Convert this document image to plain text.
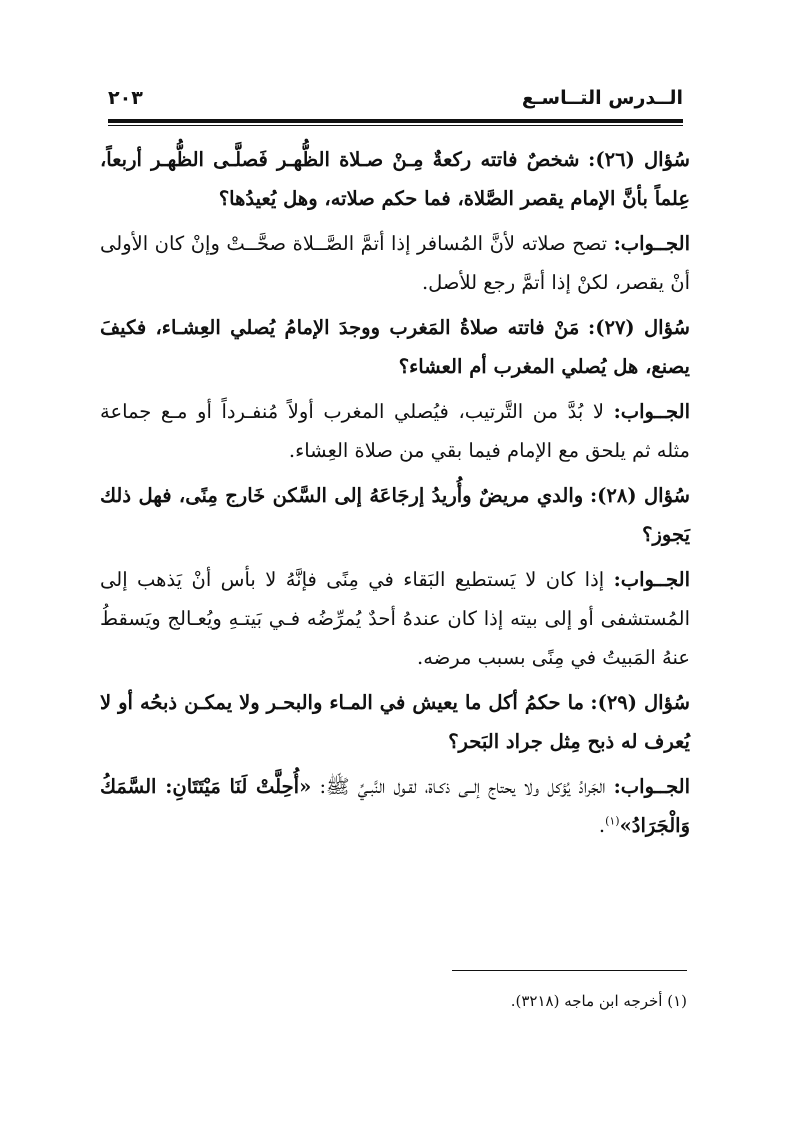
الــدرس التــاسـع
٢٠٣

سُؤال (٢٦): شخصٌ فاتته ركعةٌ مِـنْ صـلاة الظُّهـر فَصلَّـى الظُّهـر أربعاً، عِلماً بأنَّ الإمام يقصر الصَّلاة، فما حكم صلاته، وهل يُعيدُها؟

الجــواب: تصح صلاته لأنَّ المُسافر إذا أتمَّ الصَّــلاة صحَّــتْ وإنْ كان الأولى أنْ يقصر، لكنْ إذا أتمَّ رجع للأصل.

سُؤال (٢٧): مَنْ فاتته صلاةُ المَغرب ووجدَ الإمامُ يُصلي العِشـاء، فكيفَ يصنع، هل يُصلي المغرب أم العشاء؟

الجــواب: لا بُدَّ من التَّرتيب، فيُصلي المغرب أولاً مُنفـرداً أو مـع جماعة مثله ثم يلحق مع الإمام فيما بقي من صلاة العِشاء.

سُؤال (٢٨): والدي مريضٌ وأُريدُ إرجَاعَهُ إلى السَّكن خَارج مِنًى، فهل ذلك يَجوز؟

الجــواب: إذا كان لا يَستطيع البَقاء في مِنًى فإنَّهُ لا بأس أنْ يَذهب إلى المُستشفى أو إلى بيته إذا كان عندهُ أحدٌ يُمرِّضُه فـي بَيتـهِ ويُعـالج ويَسقطُ عنهُ المَبيتُ في مِنًى بسبب مرضه.

سُؤال (٢٩): ما حكمُ أكل ما يعيش في المـاء والبحـر ولا يمكـن ذبحُه أو لا يُعرف له ذبح مِثل جراد البَحر؟

الجــواب: الجَرادُ يُؤكل ولا يحتاج إلــى ذكـاة، لقـول النَّبـيِّ ﷺ: «أُحِلَّتْ لَنَا مَيْتَتَانِ: السَّمَكُ وَالْجَرَادُ»$^{(١)}$.

(١) أخرجه ابن ماجه (٣٢١٨).
